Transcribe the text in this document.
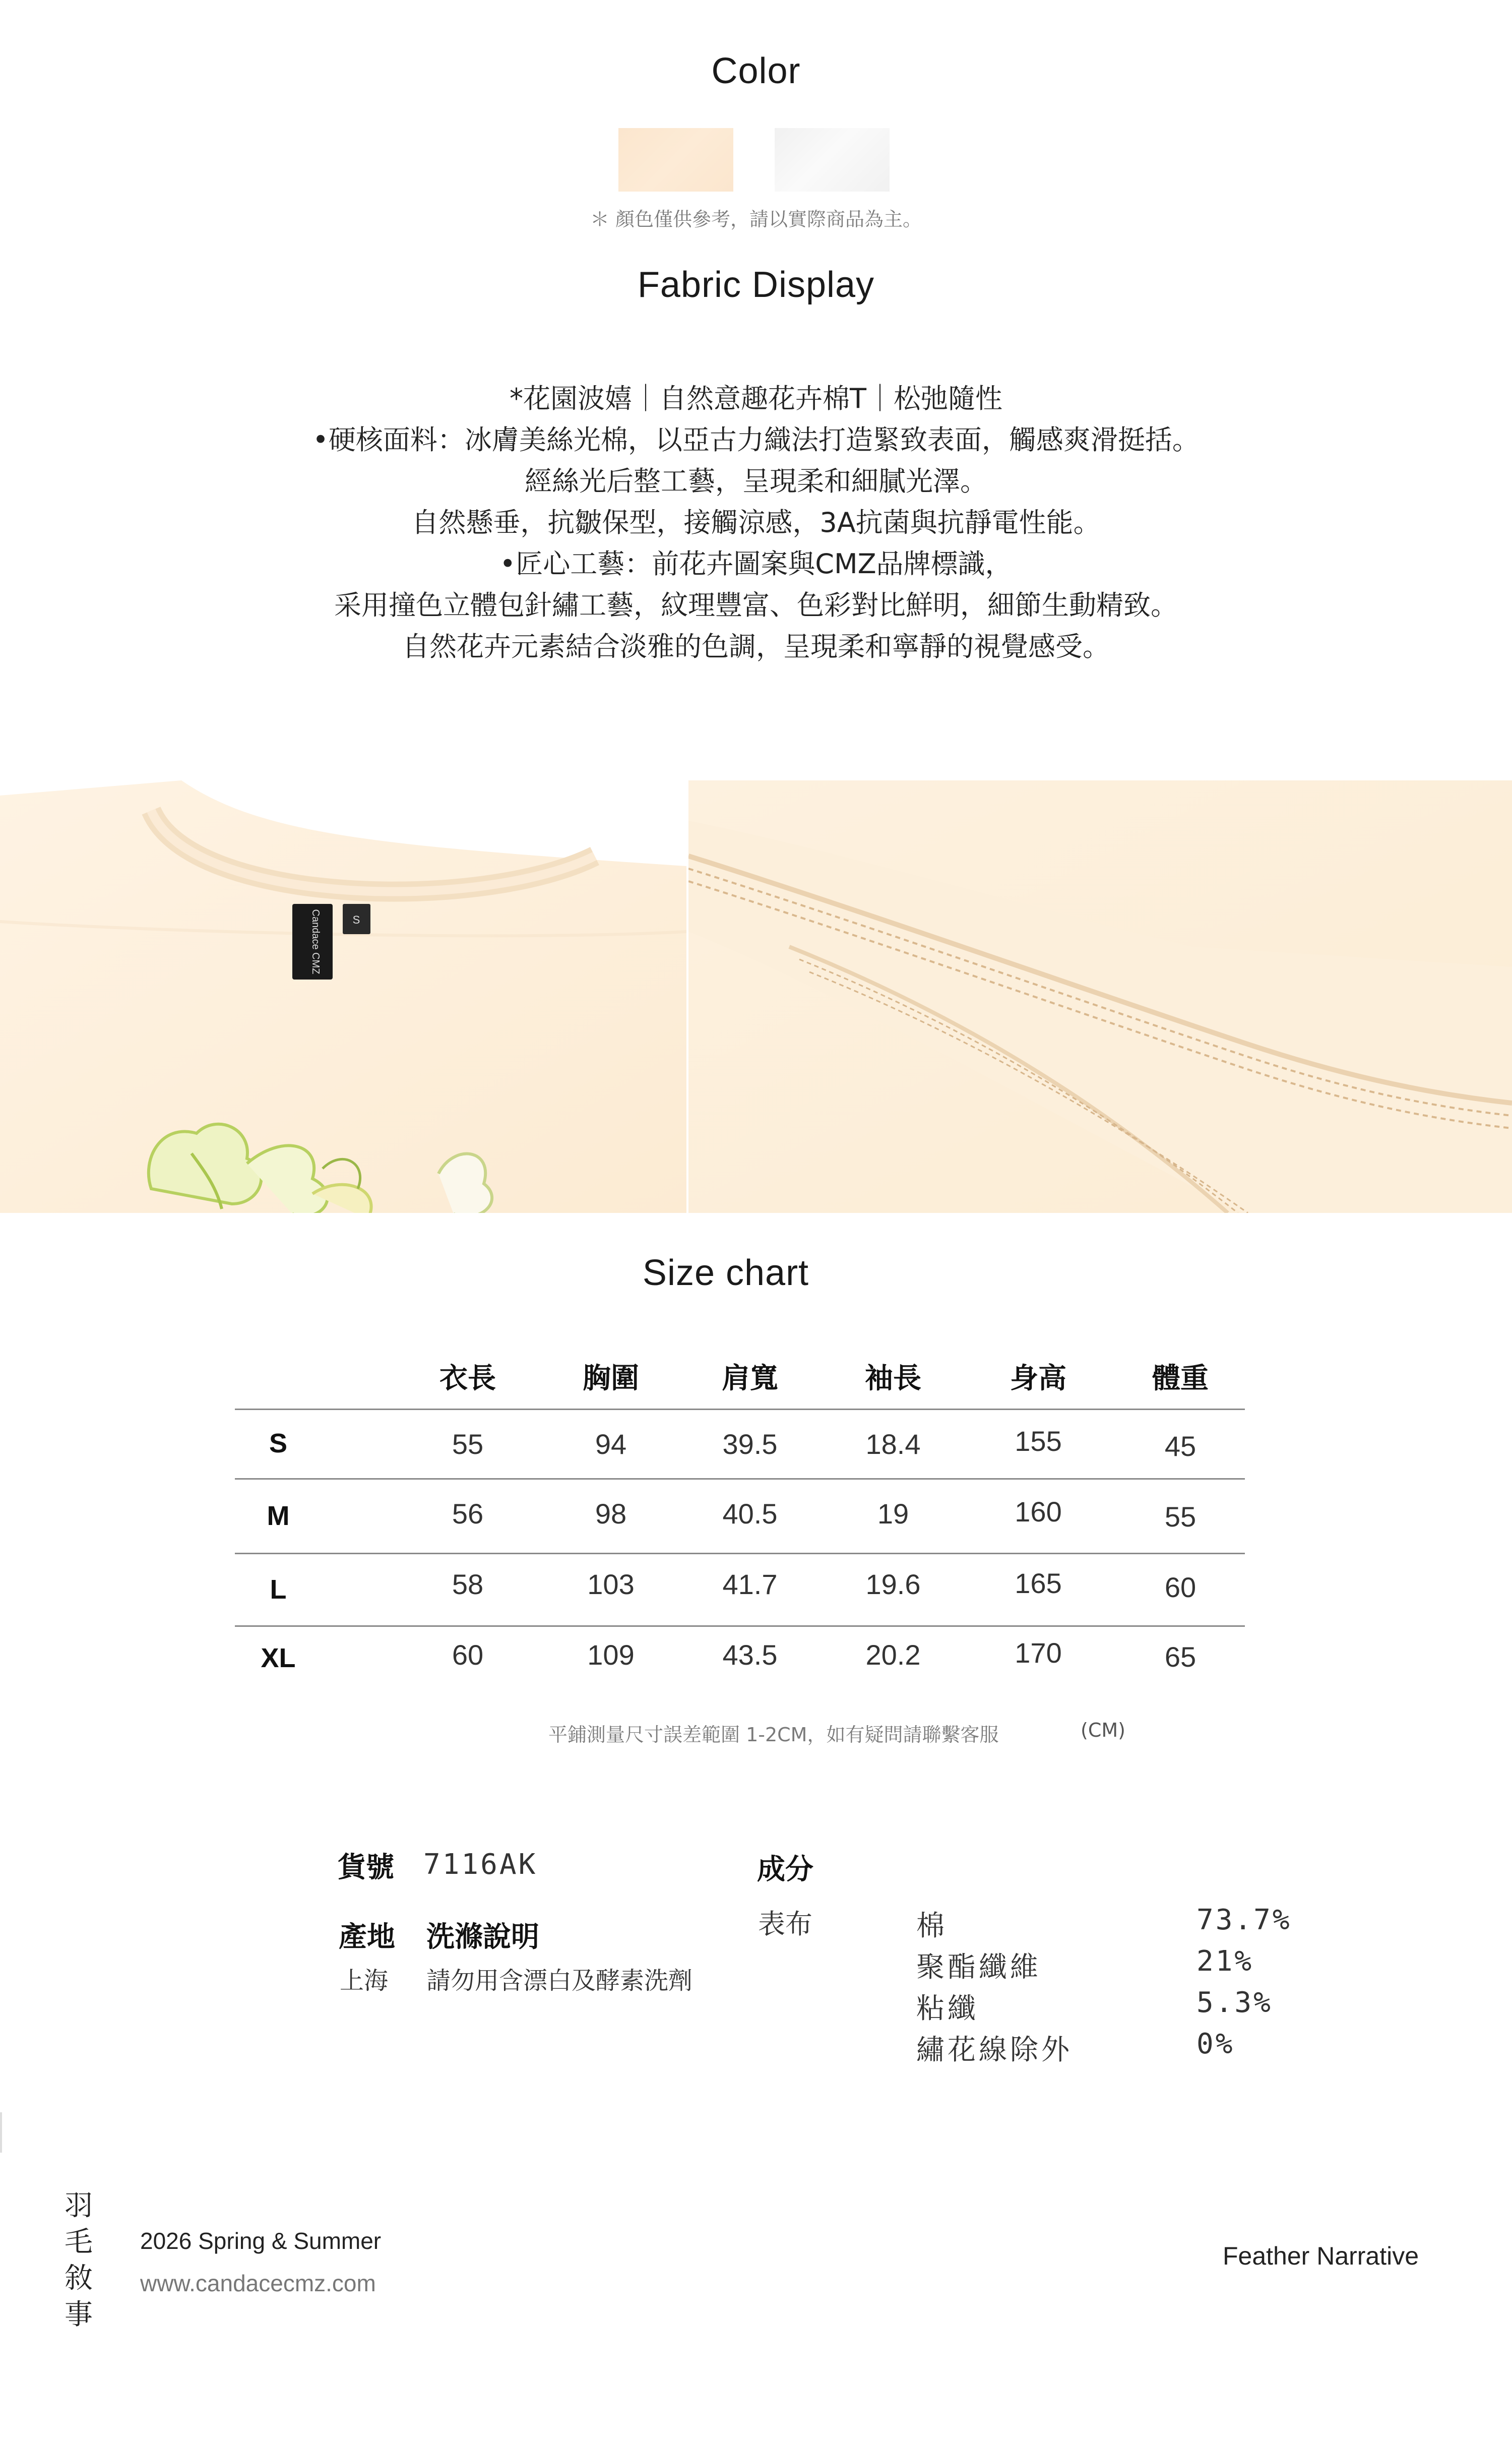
Color
＊ 顏色僅供參考，請以實際商品為主。
Fabric Display
*花園波嬉｜自然意趣花卉棉T｜松弛隨性
•硬核面料：冰膚美絲光棉，以亞古力織法打造緊致表面，觸感爽滑挺括。
經絲光后整工藝，呈現柔和細膩光澤。
自然懸垂，抗皺保型，接觸涼感，3A抗菌與抗靜電性能。
•匠心工藝：前花卉圖案與CMZ品牌標識，
采用撞色立體包針繡工藝，紋理豐富、色彩對比鮮明，細節生動精致。
自然花卉元素結合淡雅的色調，呈現柔和寧靜的視覺感受。
Candace CMZ	S
Size chart
衣長	胸圍	肩寬	袖長	身高	體重
S	55	94	39.5	18.4	155	45
M	56	98	40.5	19	160	55
L	58	103	41.7	19.6	165	60
XL	60	109	43.5	20.2	170	65
平鋪測量尺寸誤差範圍 1-2CM，如有疑問請聯繫客服	(CM)
貨號 7116AK
產地 洗滌說明
上海 請勿用含漂白及酵素洗劑
成分
表布	棉	73.7%
聚酯纖維	21%
粘纖	5.3%
繡花線除外	0%
羽
毛
敘
事
2026 Spring & Summer
www.candacecmz.com
Feather Narrative
